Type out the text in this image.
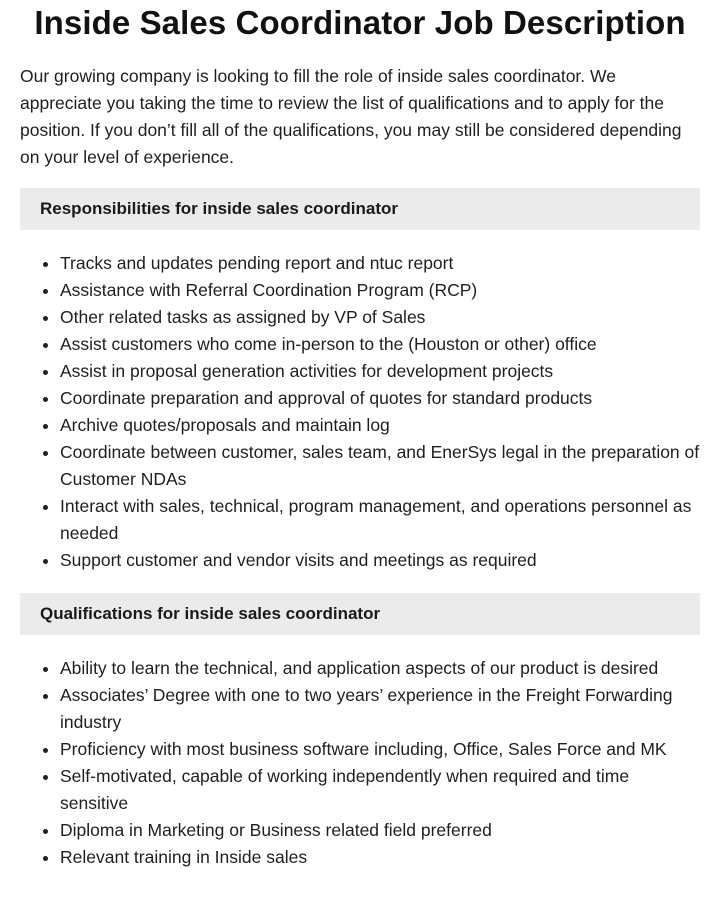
Inside Sales Coordinator Job Description

Our growing company is looking to fill the role of inside sales coordinator. We appreciate you taking the time to review the list of qualifications and to apply for the position. If you don’t fill all of the qualifications, you may still be considered depending on your level of experience.

Responsibilities for inside sales coordinator
• Tracks and updates pending report and ntuc report
• Assistance with Referral Coordination Program (RCP)
• Other related tasks as assigned by VP of Sales
• Assist customers who come in-person to the (Houston or other) office
• Assist in proposal generation activities for development projects
• Coordinate preparation and approval of quotes for standard products
• Archive quotes/proposals and maintain log
• Coordinate between customer, sales team, and EnerSys legal in the preparation of Customer NDAs
• Interact with sales, technical, program management, and operations personnel as needed
• Support customer and vendor visits and meetings as required
Qualifications for inside sales coordinator
• Ability to learn the technical, and application aspects of our product is desired
• Associates’ Degree with one to two years’ experience in the Freight Forwarding industry
• Proficiency with most business software including, Office, Sales Force and MK
• Self-motivated, capable of working independently when required and time sensitive
• Diploma in Marketing or Business related field preferred
• Relevant training in Inside sales
